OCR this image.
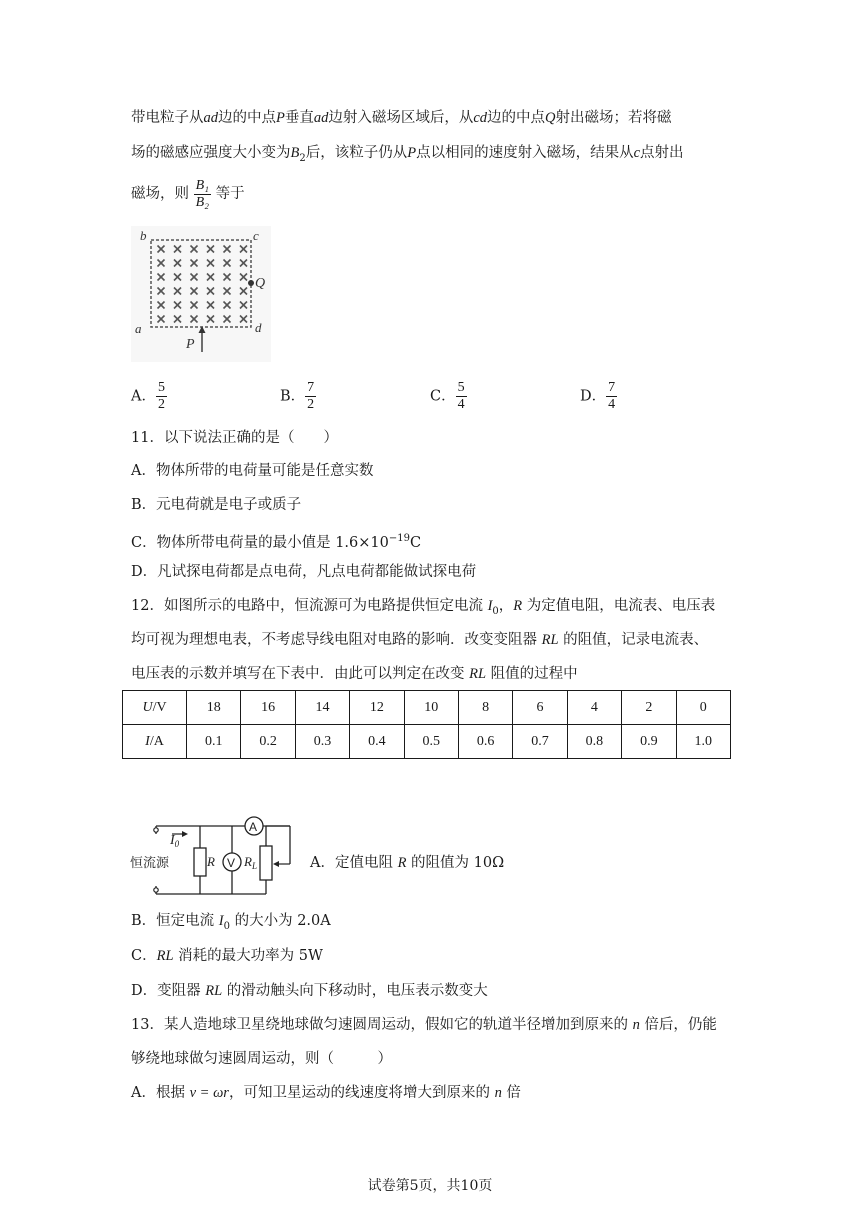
带电粒子从ad边的中点P垂直ad边射入磁场区域后，从cd边的中点Q射出磁场；若将磁
场的磁感应强度大小变为$B_2$后，该粒子仍从P点以相同的速度射入磁场，结果从c点射出
磁场，则 $\frac{\text{B₁}}{\text{B₂}}$ 等于
b	c
a	d
Q
P
A． $\frac{5}{2}$	B． $\frac{7}{2}$	C． $\frac{5}{4}$	D． $\frac{7}{4}$
11．以下说法正确的是（　　）
A．物体所带的电荷量可能是任意实数
B．元电荷就是电子或质子
C．物体所带电荷量的最小值是 $1.6\times 10^{-19}C$
D．凡试探电荷都是点电荷，凡点电荷都能做试探电荷
12．如图所示的电路中，恒流源可为电路提供恒定电流 $I_0$，R 为定值电阻，电流表、电压表
均可视为理想电表，不考虑导线电阻对电路的影响．改变变阻器 RL 的阻值，记录电流表、
电压表的示数并填写在下表中．由此可以判定在改变 RL 阻值的过程中
U/V	18	16	14	12	10	8	6	4	2	0
I/A	0.1	0.2	0.3	0.4	0.5	0.6	0.7	0.8	0.9	1.0
$I_0$
恒流源	R V
A
$R_L$	A．定值电阻 R 的阻值为 10Ω
B．恒定电流 $I_0$ 的大小为 2.0A
C．RL 消耗的最大功率为 5W
D．变阻器 RL 的滑动触头向下移动时，电压表示数变大
13．某人造地球卫星绕地球做匀速圆周运动，假如它的轨道半径增加到原来的 n 倍后，仍能
够绕地球做匀速圆周运动，则（　　　）
A．根据 v = ωr，可知卫星运动的线速度将增大到原来的 n 倍
试卷第5页，共10页
